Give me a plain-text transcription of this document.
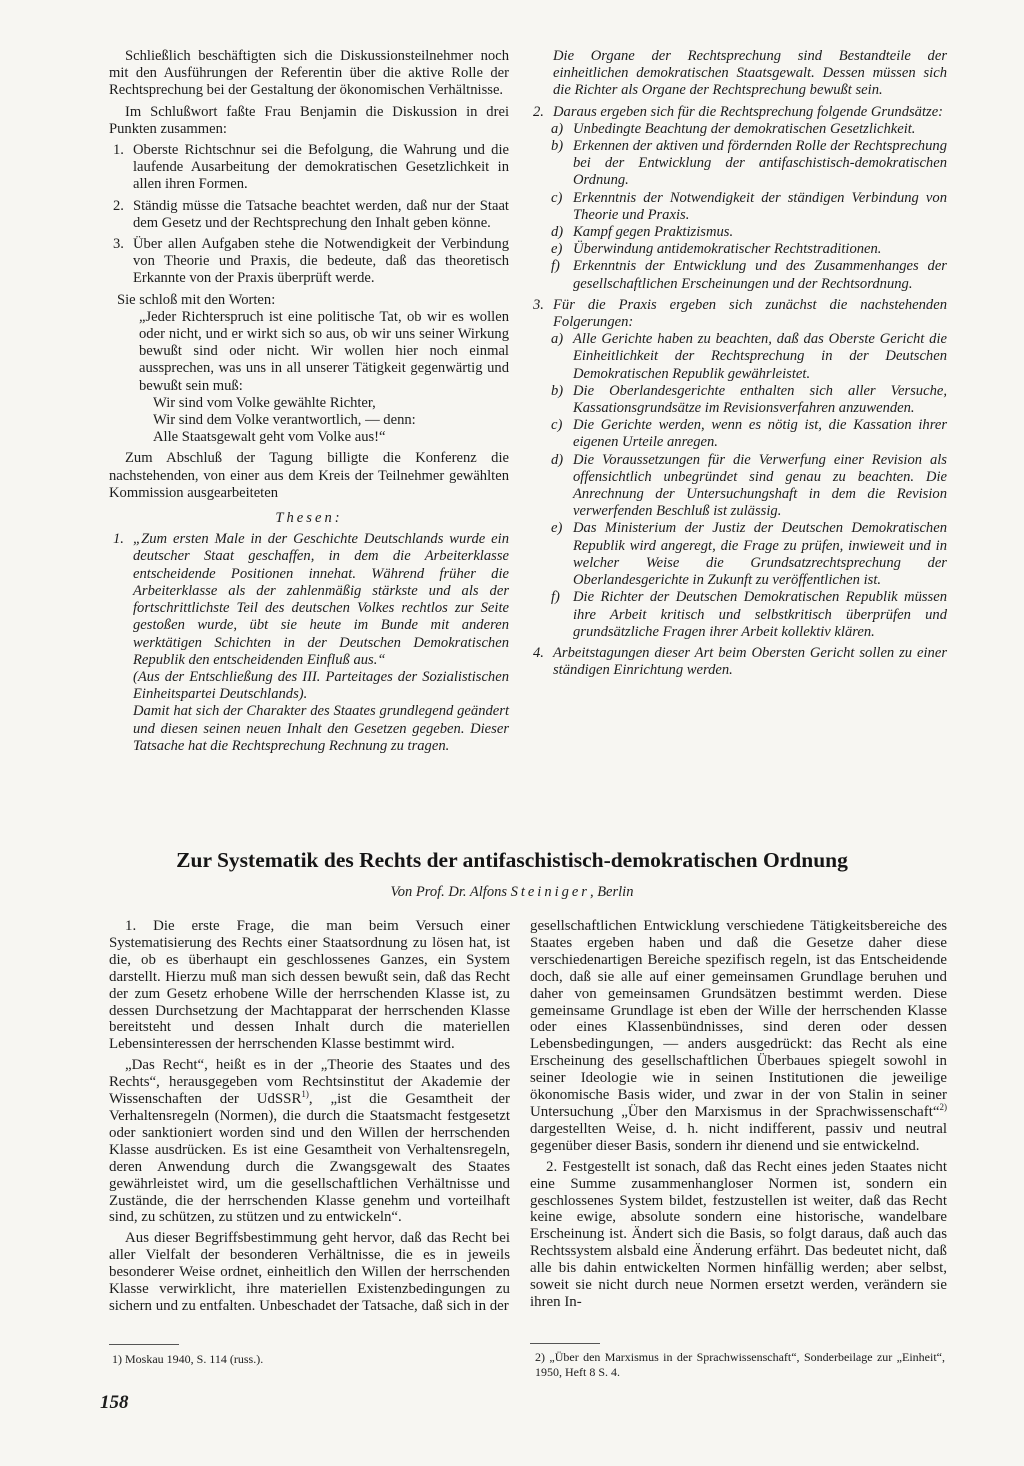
Schließlich beschäftigten sich die Diskussionsteilnehmer noch mit den Ausführungen der Referentin über die aktive Rolle der Rechtsprechung bei der Gestaltung der ökonomischen Verhältnisse.

Im Schlußwort faßte Frau Benjamin die Diskussion in drei Punkten zusammen:

1. Oberste Richtschnur sei die Befolgung, die Wahrung und die laufende Ausarbeitung der demokratischen Gesetzlichkeit in allen ihren Formen.
2. Ständig müsse die Tatsache beachtet werden, daß nur der Staat dem Gesetz und der Rechtsprechung den Inhalt geben könne.
3. Über allen Aufgaben stehe die Notwendigkeit der Verbindung von Theorie und Praxis, die bedeute, daß das theoretisch Erkannte von der Praxis überprüft werde.

Sie schloß mit den Worten:

„Jeder Richterspruch ist eine politische Tat, ob wir es wollen oder nicht, und er wirkt sich so aus, ob wir uns seiner Wirkung bewußt sind oder nicht. Wir wollen hier noch einmal aussprechen, was uns in all unserer Tätigkeit gegenwärtig und bewußt sein muß:

Wir sind vom Volke gewählte Richter,
Wir sind dem Volke verantwortlich, — denn:
Alle Staatsgewalt geht vom Volke aus!“

Zum Abschluß der Tagung billigte die Konferenz die nachstehenden, von einer aus dem Kreis der Teilnehmer gewählten Kommission ausgearbeiteten

Thesen:

1. „Zum ersten Male in der Geschichte Deutschlands wurde ein deutscher Staat geschaffen, in dem die Arbeiterklasse entscheidende Positionen innehat. Während früher die Arbeiterklasse als der zahlenmäßig stärkste und als der fortschrittlichste Teil des deutschen Volkes rechtlos zur Seite gestoßen wurde, übt sie heute im Bunde mit anderen werktätigen Schichten in der Deutschen Demokratischen Republik den entscheidenden Einfluß aus.“

(Aus der Entschließung des III. Parteitages der Sozialistischen Einheitspartei Deutschlands).

Damit hat sich der Charakter des Staates grundlegend geändert und diesen seinen neuen Inhalt den Gesetzen gegeben. Dieser Tatsache hat die Rechtsprechung Rechnung zu tragen.

Die Organe der Rechtsprechung sind Bestandteile der einheitlichen demokratischen Staatsgewalt. Dessen müssen sich die Richter als Organe der Rechtsprechung bewußt sein.

2. Daraus ergeben sich für die Rechtsprechung folgende Grundsätze:
a) Unbedingte Beachtung der demokratischen Gesetzlichkeit.
b) Erkennen der aktiven und fördernden Rolle der Rechtsprechung bei der Entwicklung der antifaschistisch-demokratischen Ordnung.
c) Erkenntnis der Notwendigkeit der ständigen Verbindung von Theorie und Praxis.
d) Kampf gegen Praktizismus.
e) Überwindung antidemokratischer Rechtstraditionen.
f) Erkenntnis der Entwicklung und des Zusammenhanges der gesellschaftlichen Erscheinungen und der Rechtsordnung.
3. Für die Praxis ergeben sich zunächst die nachstehenden Folgerungen:
a) Alle Gerichte haben zu beachten, daß das Oberste Gericht die Einheitlichkeit der Rechtsprechung in der Deutschen Demokratischen Republik gewährleistet.
b) Die Oberlandesgerichte enthalten sich aller Versuche, Kassationsgrundsätze im Revisionsverfahren anzuwenden.
c) Die Gerichte werden, wenn es nötig ist, die Kassation ihrer eigenen Urteile anregen.
d) Die Voraussetzungen für die Verwerfung einer Revision als offensichtlich unbegründet sind genau zu beachten. Die Anrechnung der Untersuchungshaft in dem die Revision verwerfenden Beschluß ist zulässig.
e) Das Ministerium der Justiz der Deutschen Demokratischen Republik wird angeregt, die Frage zu prüfen, inwieweit und in welcher Weise die Grundsatzrechtsprechung der Oberlandesgerichte in Zukunft zu veröffentlichen ist.
f) Die Richter der Deutschen Demokratischen Republik müssen ihre Arbeit kritisch und selbstkritisch überprüfen und grundsätzliche Fragen ihrer Arbeit kollektiv klären.
4. Arbeitstagungen dieser Art beim Obersten Gericht sollen zu einer ständigen Einrichtung werden.
Zur Systematik des Rechts der antifaschistisch-demokratischen Ordnung
Von Prof. Dr. Alfons Steiniger, Berlin

1. Die erste Frage, die man beim Versuch einer Systematisierung des Rechts einer Staatsordnung zu lösen hat, ist die, ob es überhaupt ein geschlossenes Ganzes, ein System darstellt. Hierzu muß man sich dessen bewußt sein, daß das Recht der zum Gesetz erhobene Wille der herrschenden Klasse ist, zu dessen Durchsetzung der Machtapparat der herrschenden Klasse bereitsteht und dessen Inhalt durch die materiellen Lebensinteressen der herrschenden Klasse bestimmt wird.

„Das Recht“, heißt es in der „Theorie des Staates und des Rechts“, herausgegeben vom Rechtsinstitut der Akademie der Wissenschaften der UdSSR$^{1)}$, „ist die Gesamtheit der Verhaltensregeln (Normen), die durch die Staatsmacht festgesetzt oder sanktioniert worden sind und den Willen der herrschenden Klasse ausdrücken. Es ist eine Gesamtheit von Verhaltensregeln, deren Anwendung durch die Zwangsgewalt des Staates gewährleistet wird, um die gesellschaftlichen Verhältnisse und Zustände, die der herrschenden Klasse genehm und vorteilhaft sind, zu schützen, zu stützen und zu entwickeln“.

Aus dieser Begriffsbestimmung geht hervor, daß das Recht bei aller Vielfalt der besonderen Verhältnisse, die es in jeweils besonderer Weise ordnet, einheitlich den Willen der herrschenden Klasse verwirklicht, ihre materiellen Existenzbedingungen zu sichern und zu entfalten. Unbeschadet der Tatsache, daß sich in der

gesellschaftlichen Entwicklung verschiedene Tätigkeitsbereiche des Staates ergeben haben und daß die Gesetze daher diese verschiedenartigen Bereiche spezifisch regeln, ist das Entscheidende doch, daß sie alle auf einer gemeinsamen Grundlage beruhen und daher von gemeinsamen Grundsätzen bestimmt werden. Diese gemeinsame Grundlage ist eben der Wille der herrschenden Klasse oder eines Klassenbündnisses, sind deren oder dessen Lebensbedingungen, — anders ausgedrückt: das Recht als eine Erscheinung des gesellschaftlichen Überbaues spiegelt sowohl in seiner Ideologie wie in seinen Institutionen die jeweilige ökonomische Basis wider, und zwar in der von Stalin in seiner Untersuchung „Über den Marxismus in der Sprachwissenschaft“$^{2)}$ dargestellten Weise, d. h. nicht indifferent, passiv und neutral gegenüber dieser Basis, sondern ihr dienend und sie entwickelnd.

2. Festgestellt ist sonach, daß das Recht eines jeden Staates nicht eine Summe zusammenhangloser Normen ist, sondern ein geschlossenes System bildet, festzustellen ist weiter, daß das Recht keine ewige, absolute sondern eine historische, wandelbare Erscheinung ist. Ändert sich die Basis, so folgt daraus, daß auch das Rechtssystem alsbald eine Änderung erfährt. Das bedeutet nicht, daß alle bis dahin entwickelten Normen hinfällig werden; aber selbst, soweit sie nicht durch neue Normen ersetzt werden, verändern sie ihren In-

1) Moskau 1940, S. 114 (russ.).	2) „Über den Marxismus in der Sprachwissenschaft“, Sonderbeilage zur „Einheit“, 1950, Heft 8 S. 4.
158
